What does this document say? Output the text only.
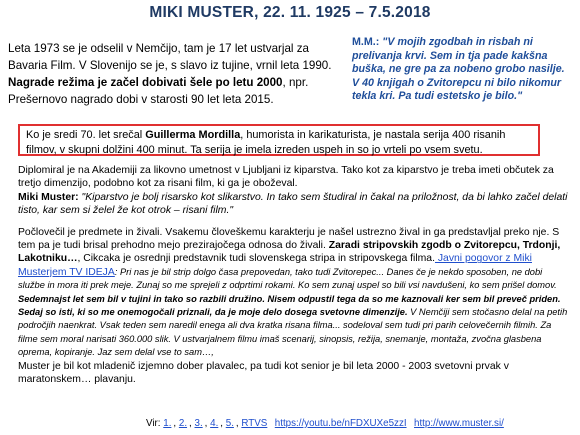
MIKI MUSTER, 22. 11. 1925 – 7.5.2018
Leta 1973 se je odselil v Nemčijo, tam je 17 let ustvarjal za Bavaria Film. V Slovenijo se je, s slavo iz tujine, vrnil leta 1990. Nagrade režima je začel dobivati šele po letu 2000, npr. Prešernovo nagrado dobi v starosti 90 let leta 2015.
M.M.: "V mojih zgodbah in risbah ni prelivanja krvi. Sem in tja pade kakšna buška, ne gre pa za nobeno grobo nasilje. V 40 knjigah o Zvitorepcu ni bilo nikomur tekla kri. Pa tudi estetsko je bilo."
Ko je sredi 70. let srečal Guillerma Mordilla, humorista in karikaturista, je nastala serija 400 risanih filmov, v skupni dolžini 400 minut. Ta serija je imela izreden uspeh in so jo vrteli po vsem svetu.

Diplomiral je na Akademiji za likovno umetnost v Ljubljani iz kiparstva. Tako kot za kiparstvo je treba imeti občutek za tretjo dimenzijo, podobno kot za risani film, ki ga je oboževal.

Miki Muster: "Kiparstvo je bolj risarsko kot slikarstvo. In tako sem študiral in čakal na priložnost, da bi lahko začel delati tisto, kar sem si želel že kot otrok – risani film."

Počlovečil je predmete in živali. Vsakemu človeškemu karakterju je našel ustrezno žival in ga predstavljal preko nje. S tem pa je tudi brisal prehodno mejo prezirajočega odnosa do živali. Zaradi stripovskih zgodb o Zvitorepcu, Trdonji, Lakotniku…, Cikcaka je osrednji predstavnik tudi slovenskega stripa in stripovskega filma. Javni pogovor z Miki Musterjem TV IDEJA: Pri nas je bil strip dolgo časa prepovedan, tako tudi Zvitorepec... Danes če je nekdo sposoben, ne dobi službe in mora iti prek meje. Zunaj so me sprejeli z odprtimi rokami. Ko sem zunaj uspel so bili vsi navdušeni, ko sem prišel domov. Sedemnajst let sem bil v tujini in tako so razbili družino. Nisem odpustil tega da so me kaznovali ker sem bil preveč priden. Sedaj so isti, ki so me onemogočali priznali, da je moje delo dosega svetovne dimenzije. V Nemčiji sem stočasno delal na petih področjih naenkrat. Vsak teden sem naredil enega ali dva kratka risana filma... sodeloval sem tudi pri parih celovečernih filmih. Za filme sem moral narisati 360.000 slik. V ustvarjalnem filmu imaš scenarij, sinopsis, režija, snemanje, montaža, zvočna glasbena oprema, kopiranje. Jaz sem delal vse to sam…,

Muster je bil kot mladenič izjemno dober plavalec, pa tudi kot senior je bil leta 2000 - 2003 svetovni prvak v maratonskem… plavanju.

Vir: 1. , 2. , 3. , 4. , 5. , RTVS https://youtu.be/nFDXUXe5zzI http://www.muster.si/
